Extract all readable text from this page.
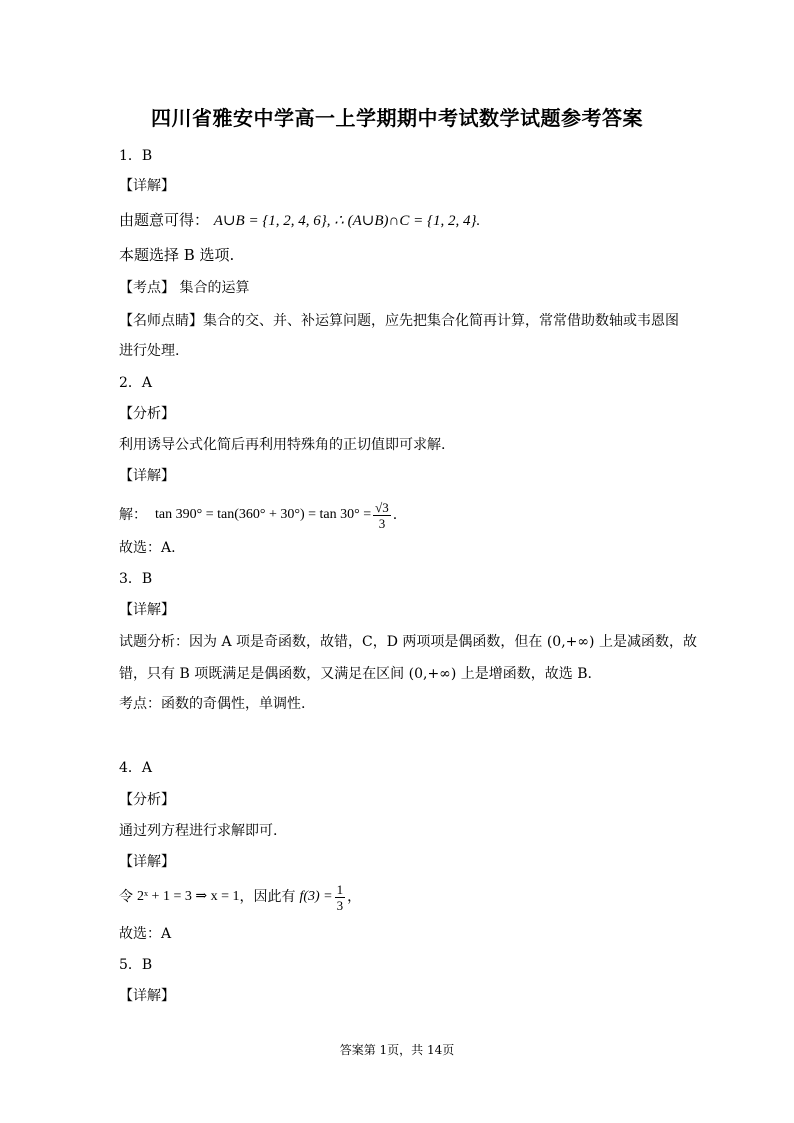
四川省雅安中学高一上学期期中考试数学试题参考答案
1．B
【详解】
由题意可得： A∪B = {1, 2, 4, 6}, ∴ (A∪B)∩C = {1, 2, 4}.
本题选择 B 选项.
【考点】 集合的运算
【名师点睛】集合的交、并、补运算问题，应先把集合化简再计算，常常借助数轴或韦恩图
进行处理.
2．A
【分析】
利用诱导公式化简后再利用特殊角的正切值即可求解.
【详解】
解： $\tan 390^\circ = \tan(360^\circ + 30^\circ) = \tan 30^\circ = \frac{√3}{3}$ .
故选：A.
3．B
【详解】
试题分析：因为 A 项是奇函数，故错，C，D 两项项是偶函数，但在 (0,+∞) 上是减函数，故
错，只有 B 项既满足是偶函数，又满足在区间 (0,+∞) 上是增函数，故选 B.
考点：函数的奇偶性，单调性.
4．A
【分析】
通过列方程进行求解即可.
【详解】
令 2ˣ + 1 = 3 ⇒ x = 1 ，因此有 $f(3) = \frac{1}{3}$ ，
故选：A
5．B
【详解】
答案第 1页，共 14页
